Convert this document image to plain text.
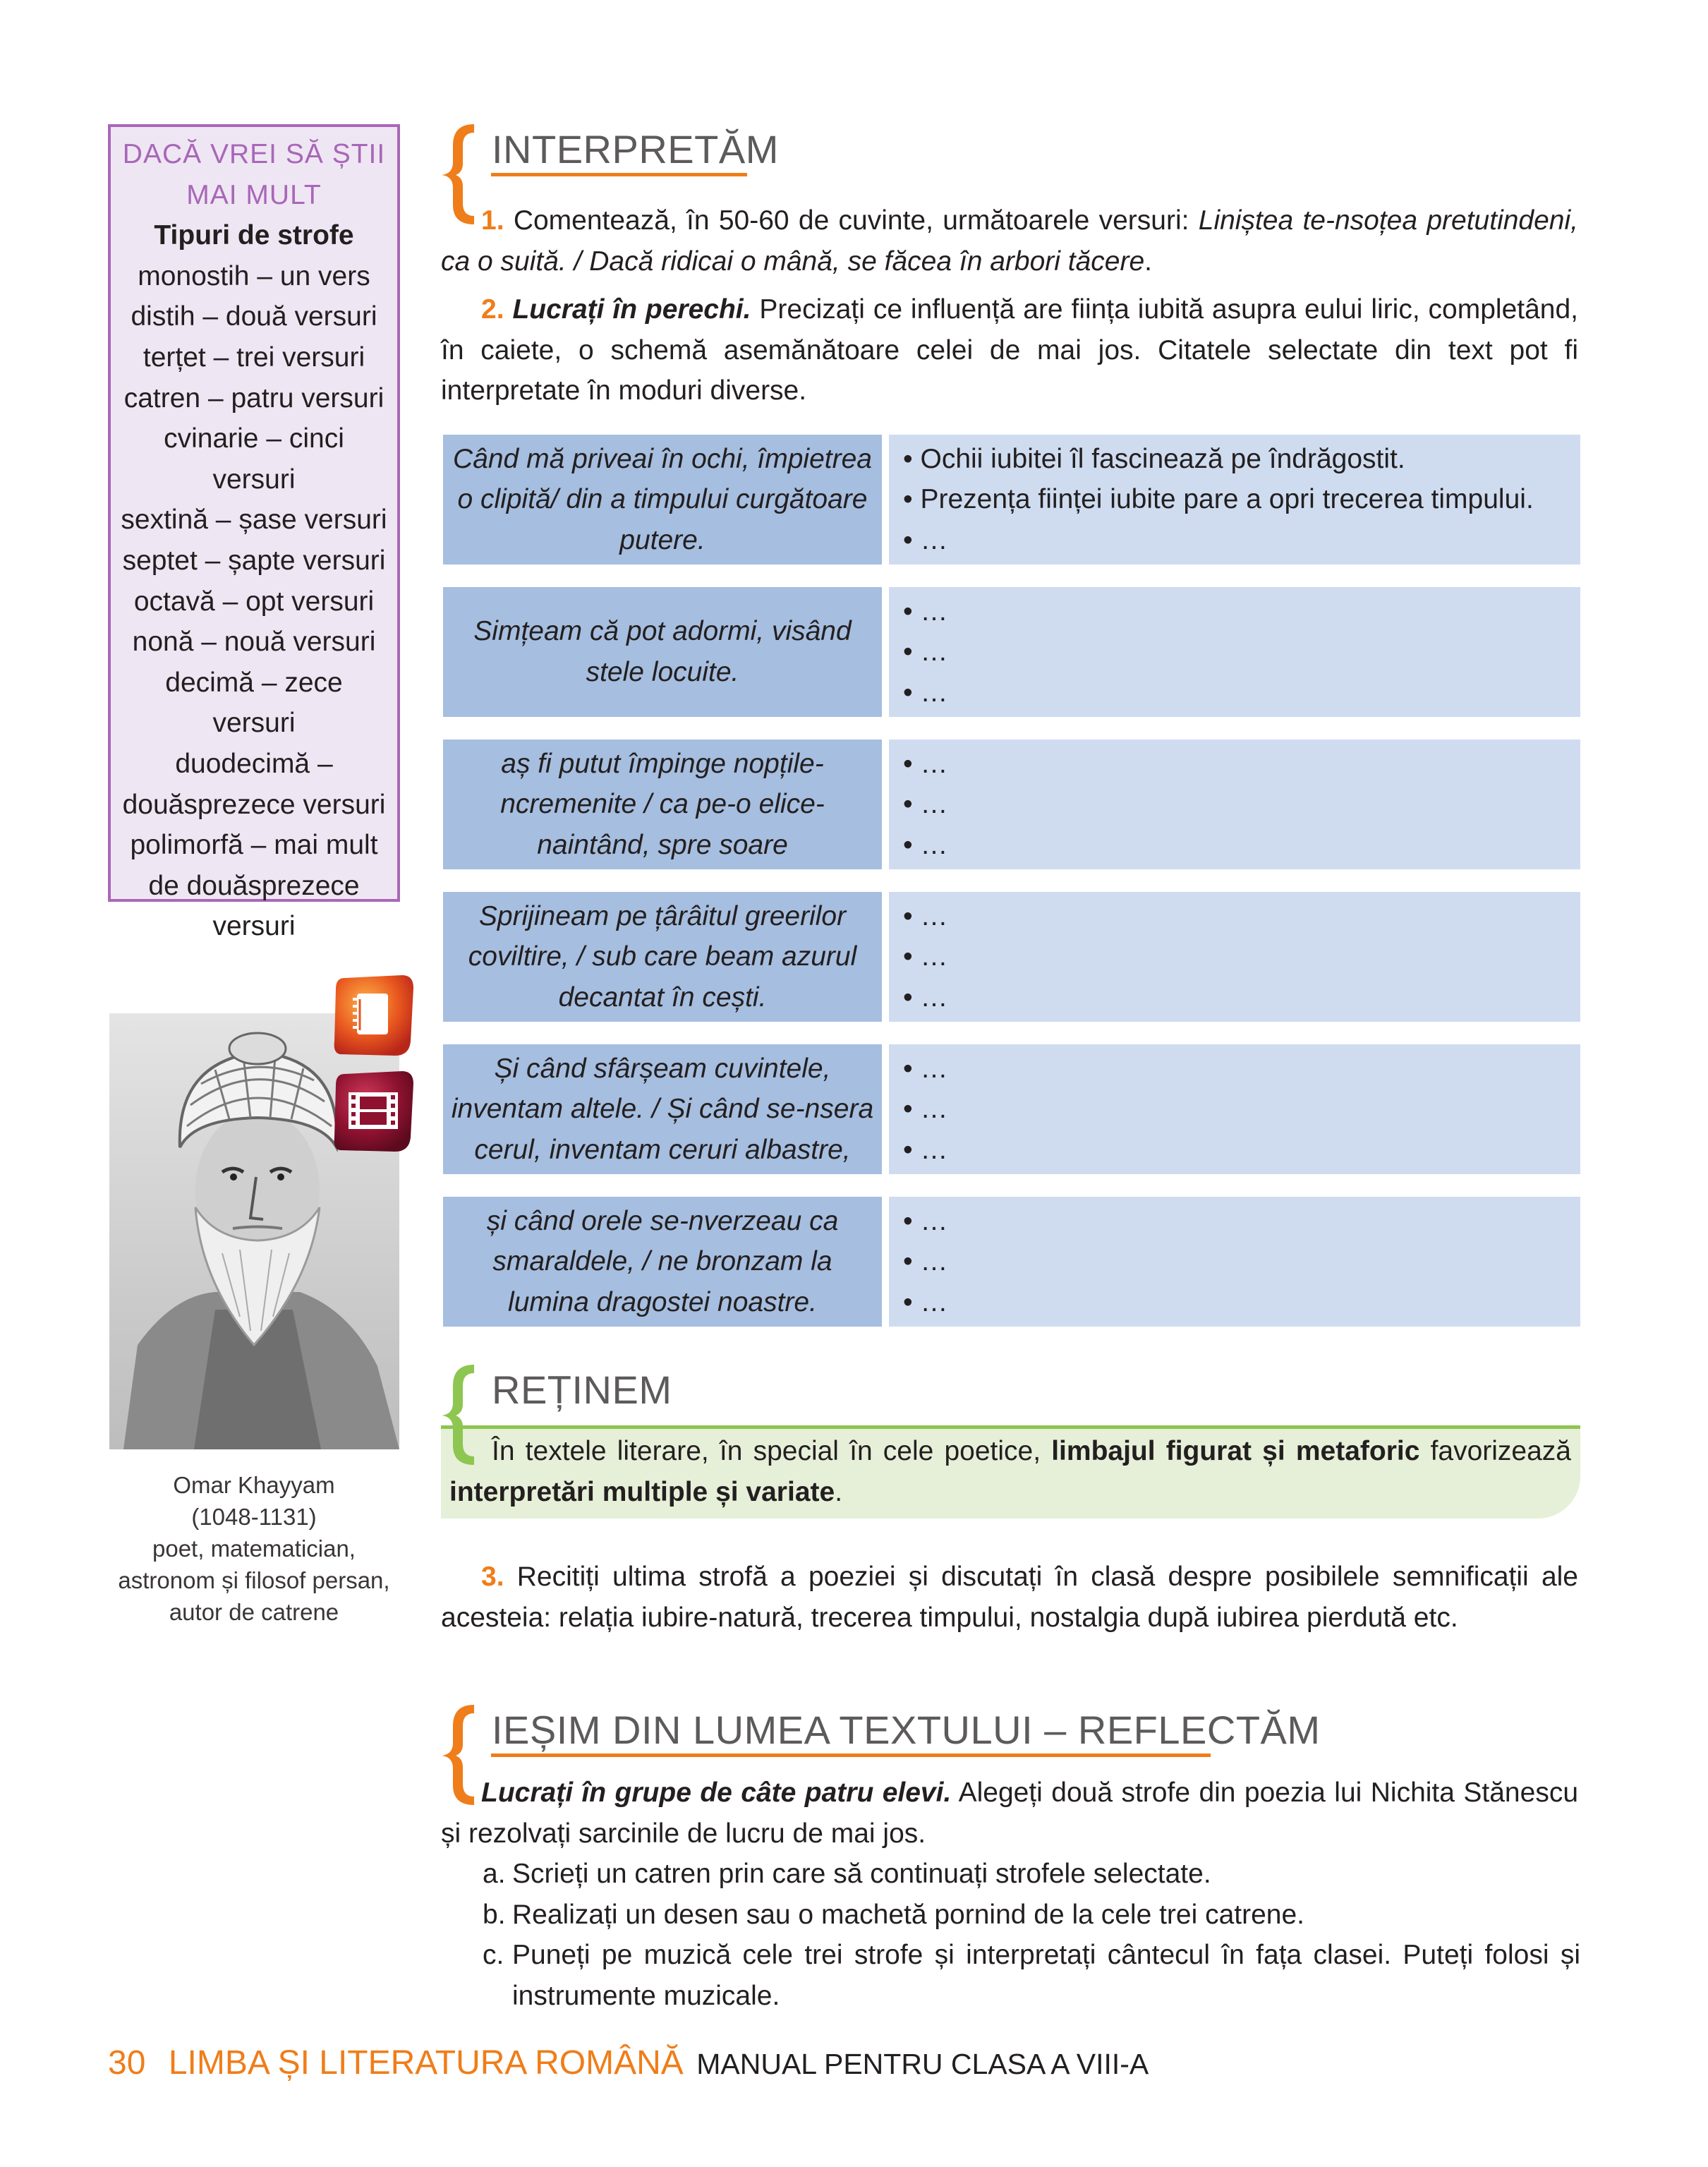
DACĂ VREI SĂ ȘTII
MAI MULT
Tipuri de strofe
monostih – un vers
distih – două versuri
terțet – trei versuri
catren – patru versuri
cvinarie – cinci versuri
sextină – șase versuri
septet – șapte versuri
octavă – opt versuri
nonă – nouă versuri
decimă – zece versuri
duodecimă – douăsprezece versuri
polimorfă – mai mult de douăsprezece versuri
Omar Khayyam
(1048-1131)
poet, matematician,
astronom și filosof persan,
autor de catrene
INTERPRETĂM
1. Comentează, în 50-60 de cuvinte, următoarele versuri: Liniștea te-nsoțea pretutindeni, ca o suită. / Dacă ridicai o mână, se făcea în arbori tăcere.
2. Lucrați în perechi. Precizați ce influență are ființa iubită asupra eului liric, completând, în caiete, o schemă asemănătoare celei de mai jos. Citatele selectate din text pot fi interpretate în moduri diverse.
Când mă priveai în ochi, împietrea o clipită/ din a timpului curgătoare putere.
• Ochii iubitei îl fascinează pe îndrăgostit.
• Prezența ființei iubite pare a opri trecerea timpului.
• …
Simțeam că pot adormi, visând stele locuite.
• …
• …
• …
aș fi putut împinge nopțile-ncremenite / ca pe-o elice-naintând, spre soare
• …
• …
• …
Sprijineam pe țârâitul greerilor coviltire, / sub care beam azurul decantat în cești.
• …
• …
• …
Și când sfârșeam cuvintele, inventam altele. / Și când se-nsera cerul, inventam ceruri albastre,
• …
• …
• …
și când orele se-nverzeau ca smaraldele, / ne bronzam la lumina dragostei noastre.
• …
• …
• …
REȚINEM
În textele literare, în special în cele poetice, limbajul figurat și metaforic favorizează interpretări multiple și variate.
3. Recitiți ultima strofă a poeziei și discutați în clasă despre posibilele semnificații ale acesteia: relația iubire-natură, trecerea timpului, nostalgia după iubirea pierdută etc.
IEȘIM DIN LUMEA TEXTULUI – REFLECTĂM
Lucrați în grupe de câte patru elevi. Alegeți două strofe din poezia lui Nichita Stănescu și rezolvați sarcinile de lucru de mai jos.
a. Scrieți un catren prin care să continuați strofele selectate.
b. Realizați un desen sau o machetă pornind de la cele trei catrene.
c. Puneți pe muzică cele trei strofe și interpretați cântecul în fața clasei. Puteți folosi și instrumente muzicale.
30 LIMBA ȘI LITERATURA ROMÂNĂ MANUAL PENTRU CLASA A VIII-A
